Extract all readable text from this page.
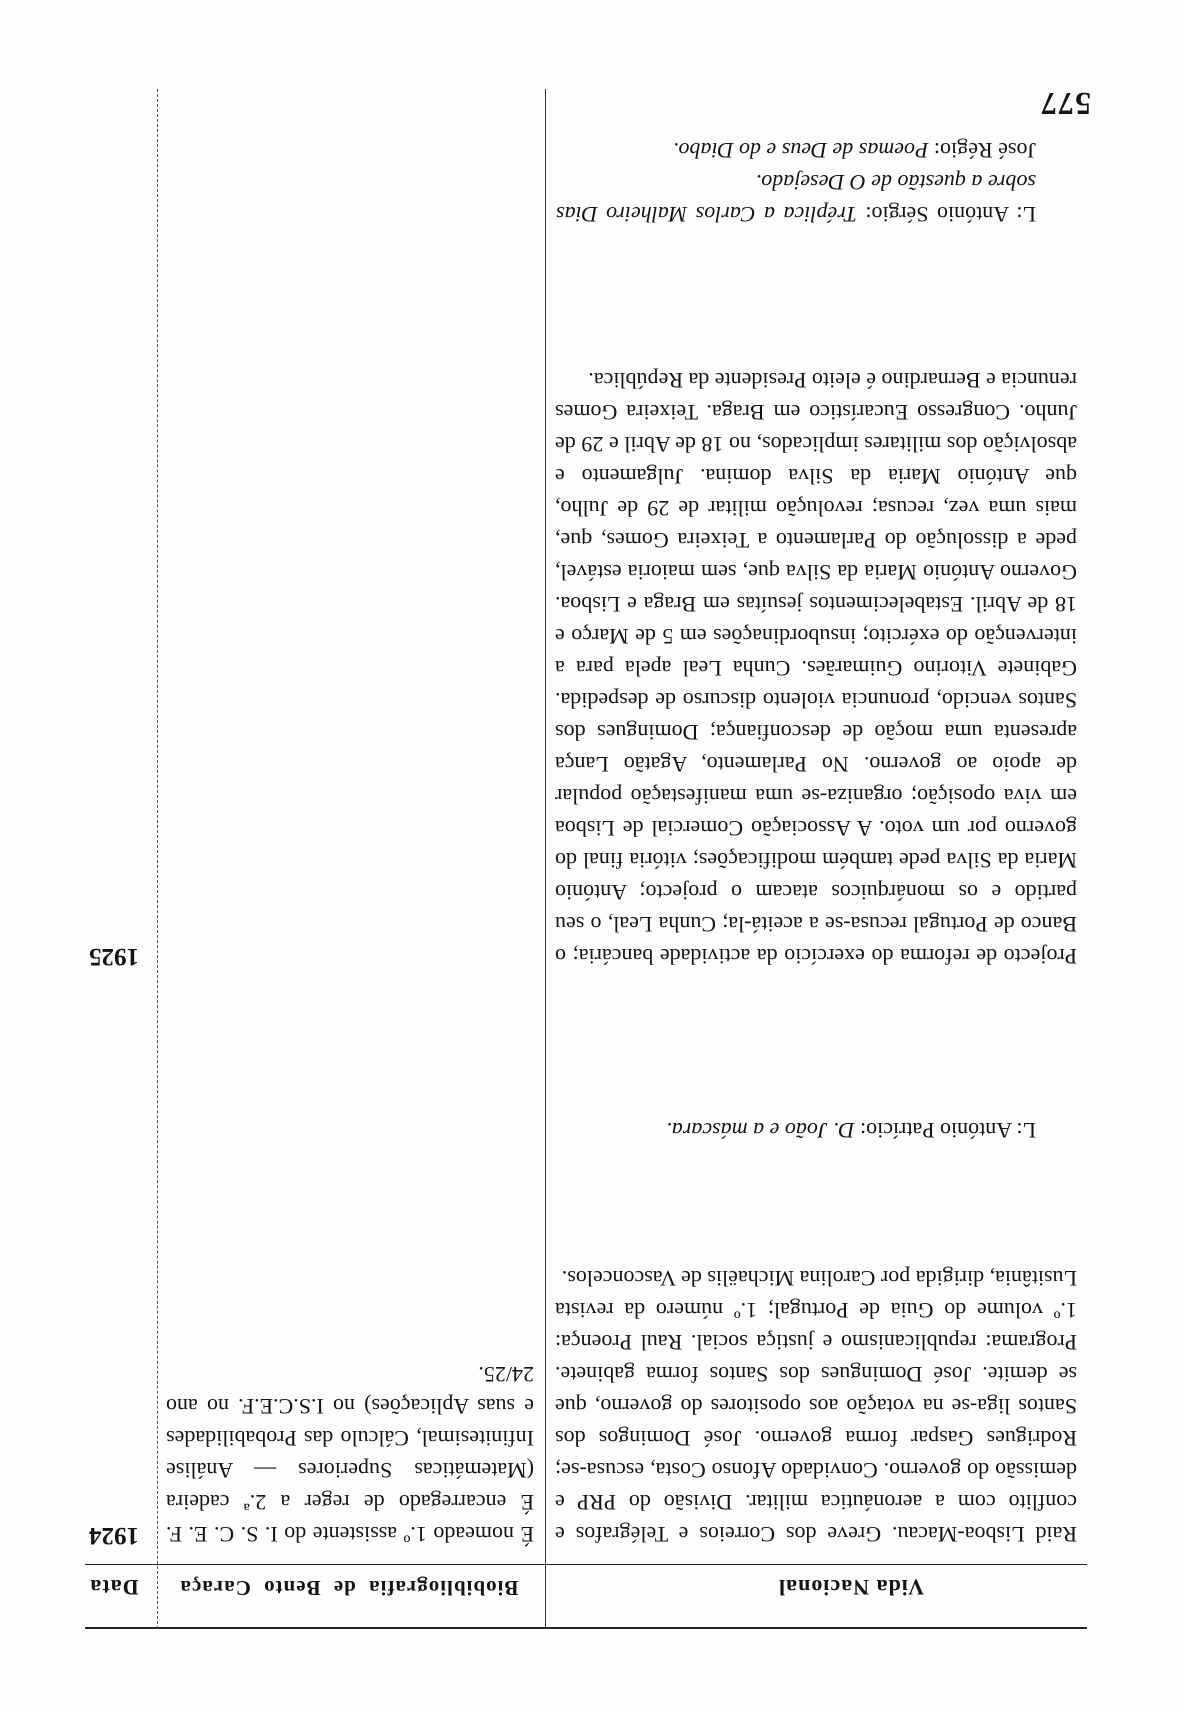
Vida Nacional
Biobibliografia de Bento Caraça
Data
1924
1925

Raid Lisboa-Macau. Greve dos Correios e Telégrafos e conflito com a aeronáutica militar. Divisão do PRP e demissão do governo. Convidado Afonso Costa, escusa-se; Rodrigues Gaspar forma governo. José Domingos dos Santos liga-se na votação aos opositores do governo, que se demite. José Domingues dos Santos forma gabinete. Programa: republicanismo e justiça social. Raul Proença: 1.º volume do Guia de Portugal; 1.º número da revista Lusitânia, dirigida por Carolina Michaëlis de Vasconcelos.

L: António Patrício: D. João e a máscara.

Projecto de reforma do exercício da actividade bancária; o Banco de Portugal recusa-se a aceitá-la; Cunha Leal, o seu partido e os monárquicos atacam o projecto; António Maria da Silva pede também modificações; vitória final do governo por um voto. A Associação Comercial de Lisboa em viva oposição; organiza-se uma manifestação popular de apoio ao governo. No Parlamento, Agatão Lança apresenta uma moção de desconfiança; Domingues dos Santos vencido, pronuncia violento discurso de despedida. Gabinete Vitorino Guimarães. Cunha Leal apela para a intervenção do exército; insubordinações em 5 de Março e 18 de Abril. Estabelecimentos jesuítas em Braga e Lisboa. Governo António Maria da Silva que, sem maioria estável, pede a dissolução do Parlamento a Teixeira Gomes, que, mais uma vez, recusa; revolução militar de 29 de Julho, que António Maria da Silva domina. Julgamento e absolvição dos militares implicados, no 18 de Abril e 29 de Junho. Congresso Eucarístico em Braga. Teixeira Gomes renuncia e Bernardino é eleito Presidente da República.

L: António Sérgio: Tréplica a Carlos Malheiro Dias sobre a questão de O Desejado.

José Régio: Poemas de Deus e do Diabo.

É nomeado 1.º assistente do I. S. C. E. F. É encarregado de reger a 2.ª cadeira (Matemáticas Superiores — Análise Infinitesimal, Cálculo das Probabilidades e suas Aplicações) no I.S.C.E.F. no ano 24/25.

577
